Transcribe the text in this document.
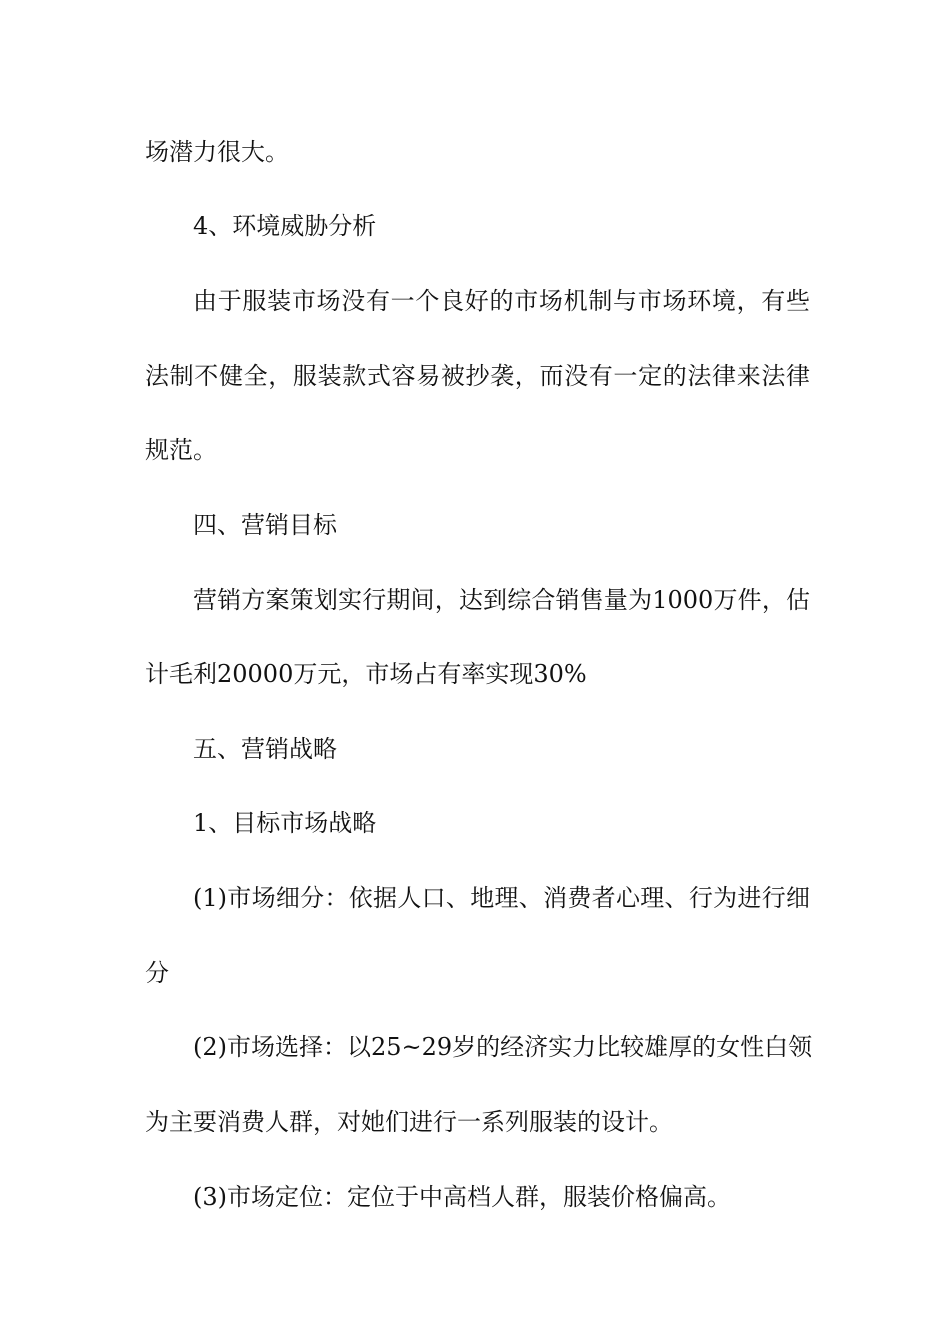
场潜力很大。
4、环境威胁分析
由于服装市场没有一个良好的市场机制与市场环境，有些
法制不健全，服装款式容易被抄袭，而没有一定的法律来法律
规范。
四、营销目标
营销方案策划实行期间，达到综合销售量为1000万件，估
计毛利20000万元，市场占有率实现30%
五、营销战略
1、目标市场战略
(1)市场细分：依据人口、地理、消费者心理、行为进行细
分
(2)市场选择：以25~29岁的经济实力比较雄厚的女性白领
为主要消费人群，对她们进行一系列服装的设计。
(3)市场定位：定位于中高档人群，服装价格偏高。
